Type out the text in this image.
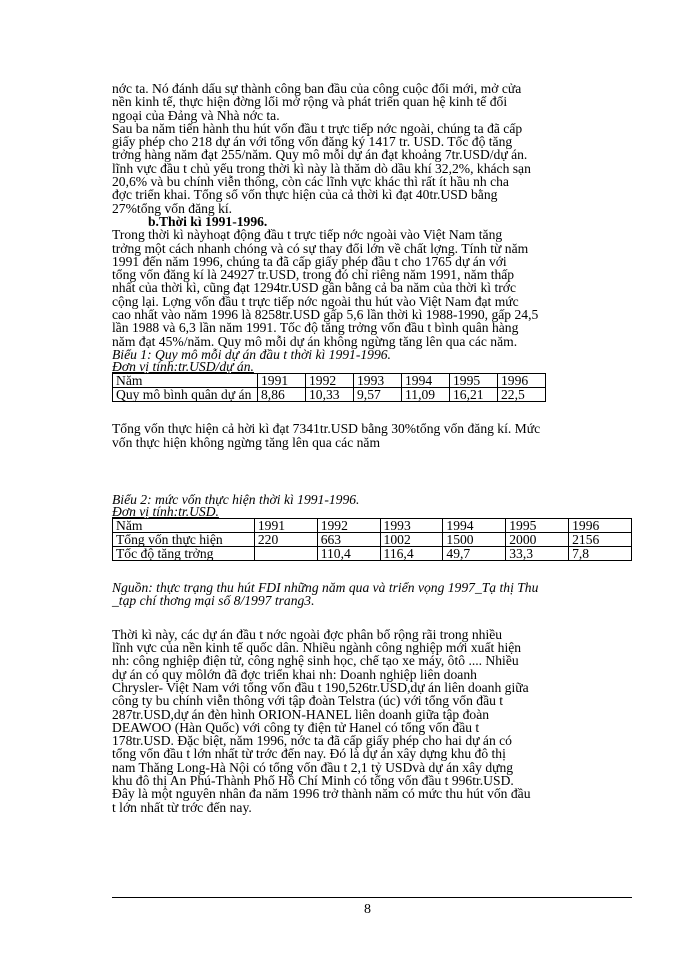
nớc ta. Nó đánh dấu sự thành công ban đầu của công cuộc đổi mới, mở cửa

nền kinh tế, thực hiện đờng lối mở rộng và phát triển quan hệ kinh tế đối

ngoại của Đảng và Nhà nớc ta.

Sau ba năm tiến hành thu hút vốn đầu t trực tiếp nớc ngoài, chúng ta đã cấp

giấy phép cho 218 dự án với tổng vốn đăng ký 1417 tr. USD. Tốc độ tăng

trởng hàng năm đạt 255/năm. Quy mô mỗi dự án đạt khoảng 7tr.USD/dự án.

lĩnh vực đầu t chủ yếu trong thời kì này là thăm dò dầu khí 32,2%, khách sạn

20,6% và bu chính viễn thông, còn các lĩnh vực khác thì rất ít hầu nh cha

đợc triển khai. Tổng số vốn thực hiện của cả thời kì đạt 40tr.USD bằng

27%tổng vốn đăng kí.

b.Thời kì 1991-1996.

Trong thời kì nàyhoạt động đầu t trực tiếp nớc ngoài vào Việt Nam tăng

trởng một cách nhanh chóng và có sự thay đổi lớn về chất lợng. Tính từ năm

1991 đến năm 1996, chúng ta đã cấp giấy phép đầu t cho 1765 dự án với

tổng vốn đăng kí là 24927 tr.USD, trong đó chỉ riêng năm 1991, năm thấp

nhất của thời kì, cũng đạt 1294tr.USD gần bằng cả ba năm của thời kì trớc

cộng lại. Lợng vốn đầu t trực tiếp nớc ngoài thu hút vào Việt Nam đạt mức

cao nhất vào năm 1996 là 8258tr.USD gấp 5,6 lần thời kì 1988-1990, gấp 24,5

lần 1988 và 6,3 lần năm 1991. Tốc độ tăng trởng vốn đầu t bình quân hàng

năm đạt 45%/năm. Quy mô mỗi dự án không ngừng tăng lên qua các năm.

Biểu 1: Quy mô mỗi dự án đầu t thời kì 1991-1996.

Đơn vị tính:tr.USD/dự án.

Năm	1991	1992	1993	1994	1995	1996
Quy mô bình quân dự án	8,86	10,33	9,57	11,09	16,21	22,5

Tổng vốn thực hiện cả hời kì đạt 7341tr.USD bằng 30%tổng vốn đăng kí. Mức

vốn thực hiện không ngừng tăng lên qua các năm

Biểu 2: mức vốn thực hiện thời kì 1991-1996.

Đơn vị tính:tr.USD.

Năm	1991	1992	1993	1994	1995	1996
Tổng vốn thực hiện	220	663	1002	1500	2000	2156
Tốc độ tăng trởng		110,4	116,4	49,7	33,3	7,8

Nguồn: thực trạng thu hút FDI những năm qua và triển vọng 1997_Tạ thị Thu

_tạp chí thơng mại số 8/1997 trang3.

Thời kì này, các dự án đầu t nớc ngoài đợc phân bố rộng rãi trong nhiều

lĩnh vực của nền kinh tế quốc dân. Nhiều ngành công nghiệp mới xuất hiện

nh: công nghiệp điện tử, công nghệ sinh học, chế tạo xe máy, ôtô .... Nhiều

dự án có quy môlớn đã đợc triển khai nh: Doanh nghiệp liên doanh

Chrysler- Việt Nam với tổng vốn đầu t 190,526tr.USD,dự án liên doanh giữa

công ty bu chính viễn thông với tập đoàn Telstra (úc) với tổng vốn đầu t

287tr.USD,dự án đèn hình ORION-HANEL liên doanh giữa tập đoàn

DEAWOO (Hàn Quốc) với công ty điện tử Hanel có tổng vốn đầu t

178tr.USD. Đặc biệt, năm 1996, nớc ta đã cấp giấy phép cho hai dự án có

tổng vốn đầu t lớn nhất từ trớc đến nay. Đó là dự án xây dựng khu đô thị

nam Thăng Long-Hà Nội có tổng vốn đầu t 2,1 tỷ USDvà dự án xây dựng

khu đô thị An Phú-Thành Phố Hồ Chí Minh có tổng vốn đầu t 996tr.USD.

Đây là một nguyên nhân đa năm 1996 trở thành năm có mức thu hút vốn đầu

t lớn nhất từ trớc đến nay.

8
